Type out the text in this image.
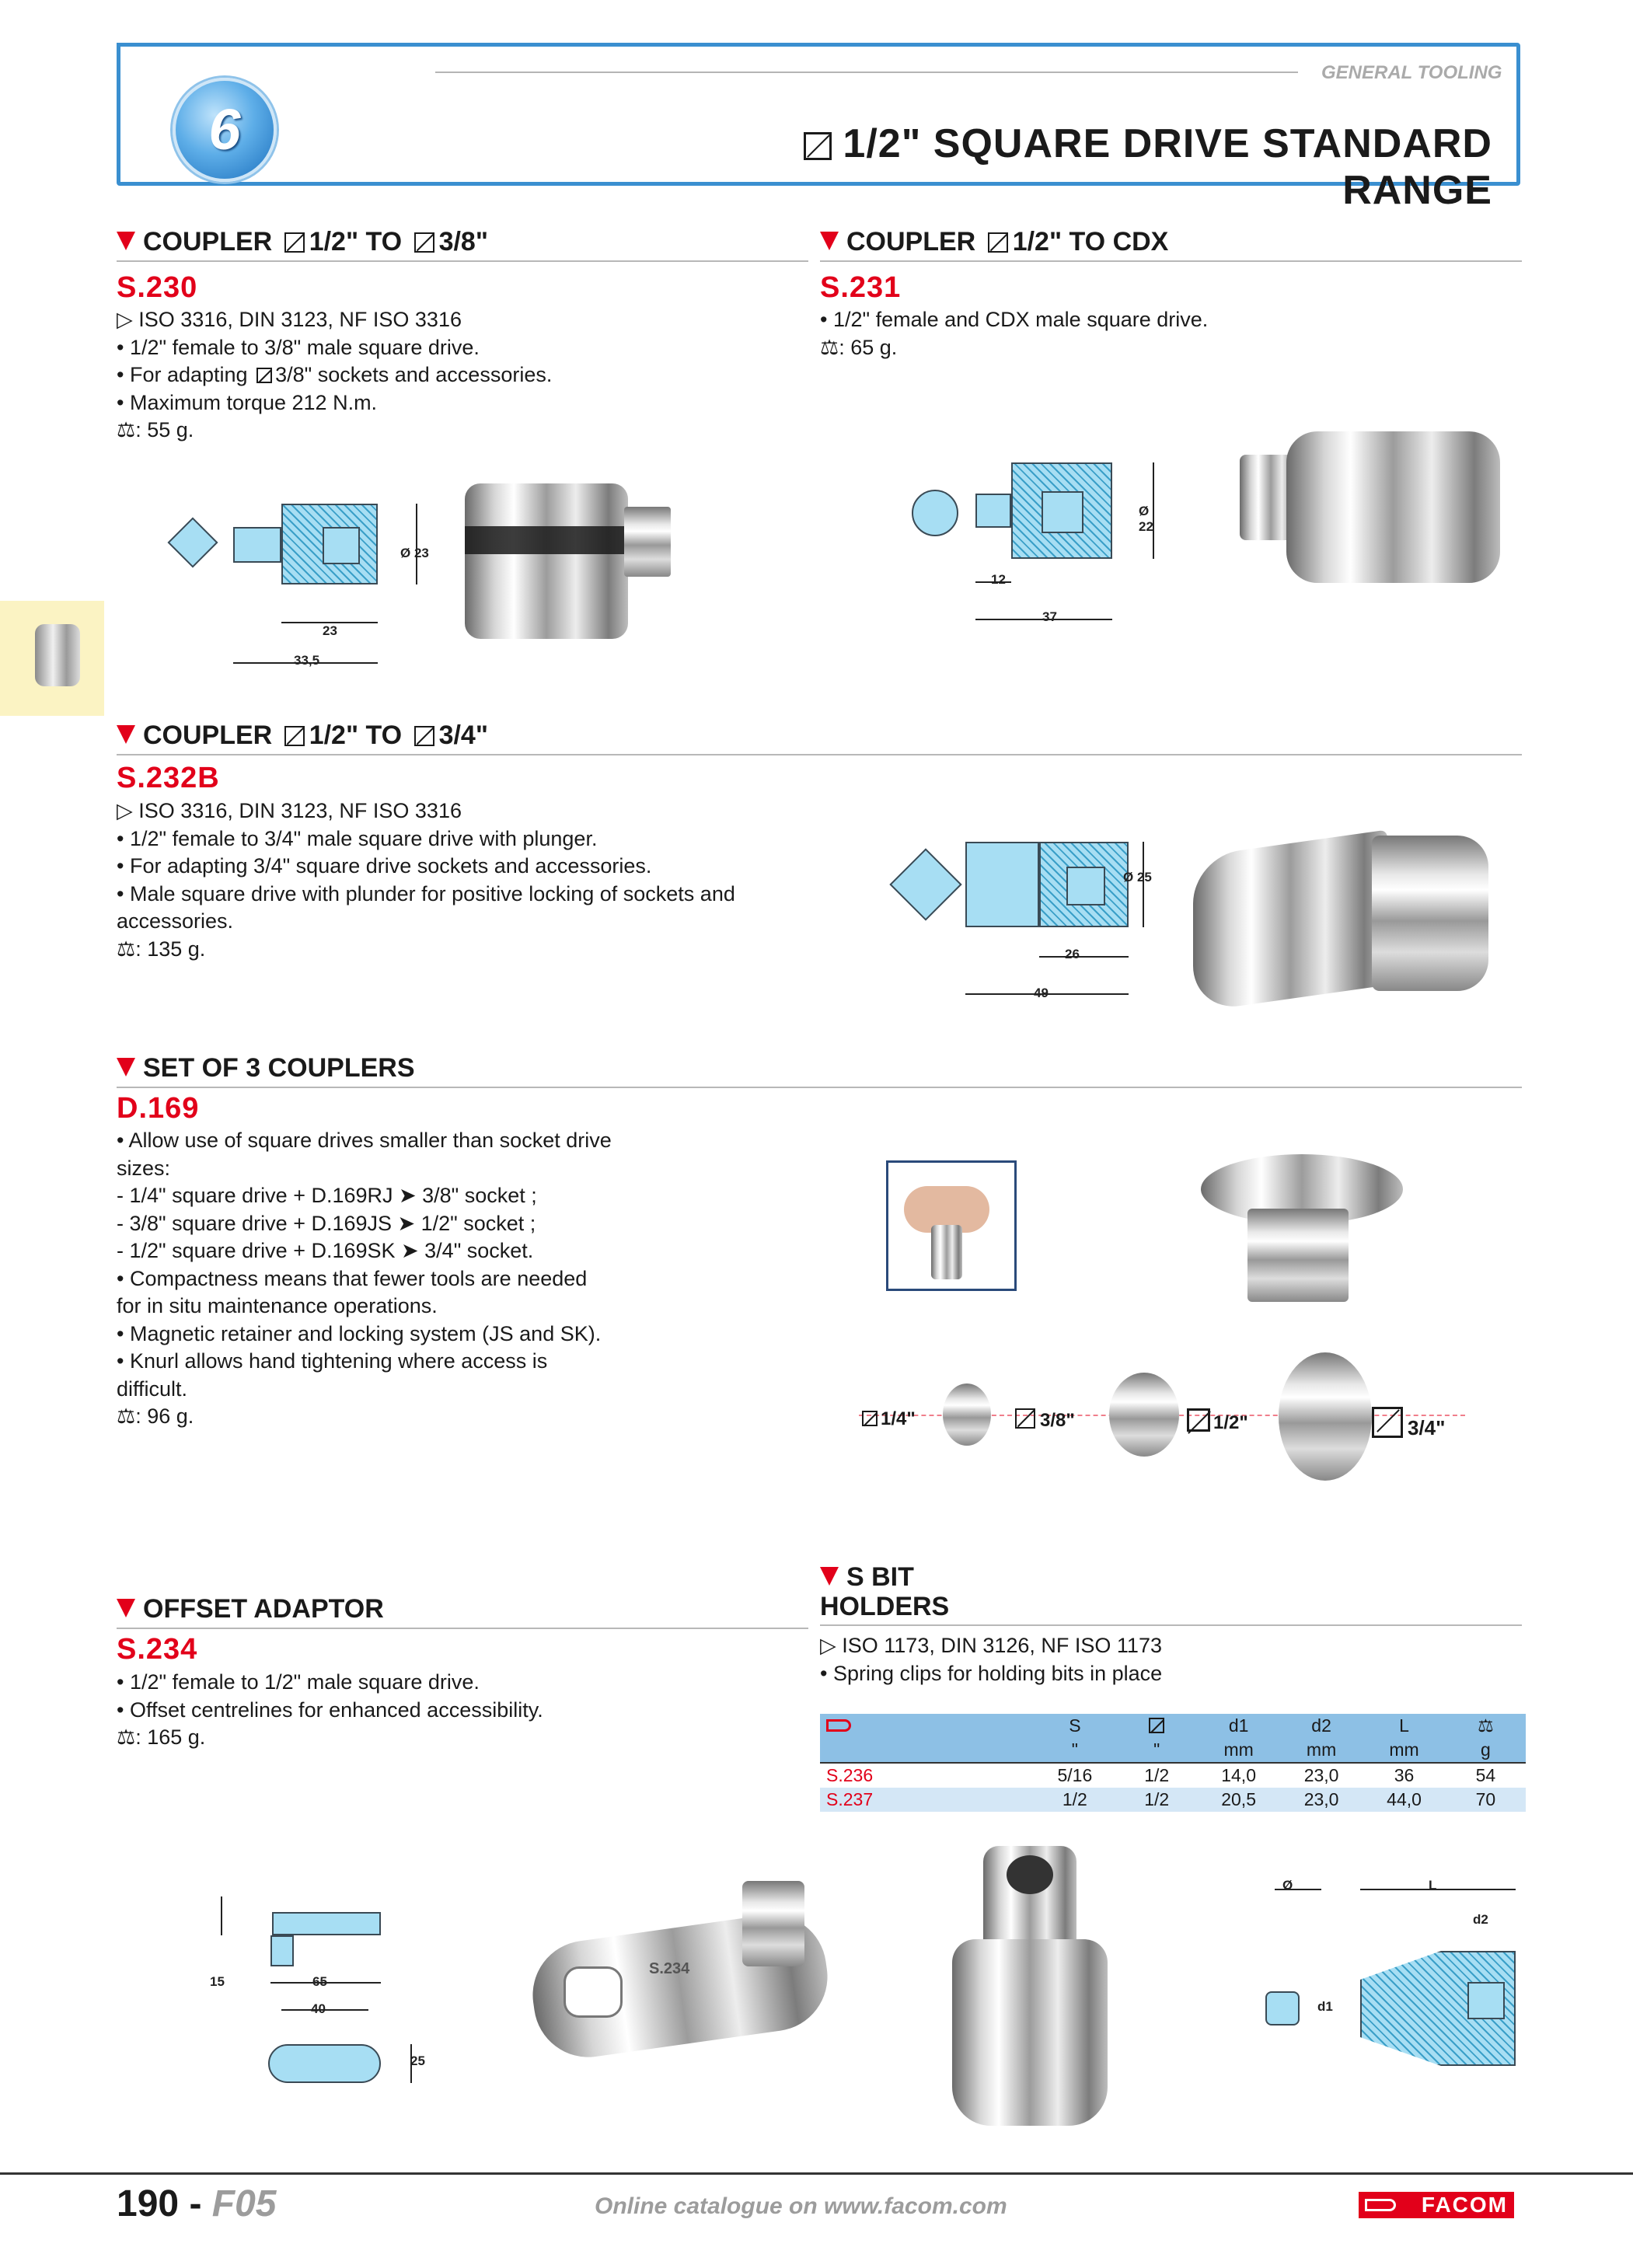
GENERAL TOOLING
6	1/2" SQUARE DRIVE STANDARD RANGE
COUPLER 1/2" TO 3/8"
S.230

▷ ISO 3316, DIN 3123, NF ISO 3316

• 1/2" female to 3/8" male square drive.

• For adapting 3/8" sockets and accessories.

• Maximum torque 212 N.m.

⚖: 55 g.

Ø 23
23
33,5
COUPLER 1/2" TO CDX
S.231

• 1/2" female and CDX male square drive.

⚖: 65 g.

Ø 22
12
37
COUPLER 1/2" TO 3/4"
S.232B

▷ ISO 3316, DIN 3123, NF ISO 3316

• 1/2" female to 3/4" male square drive with plunger.

• For adapting 3/4" square drive sockets and accessories.

• Male square drive with plunder for positive locking of sockets and

accessories.

⚖: 135 g.

Ø 25
26
49
SET OF 3 COUPLERS
D.169

• Allow use of square drives smaller than socket drive

sizes:

- 1/4" square drive + D.169RJ ➤ 3/8" socket ;

- 3/8" square drive + D.169JS ➤ 1/2" socket ;

- 1/2" square drive + D.169SK ➤ 3/4" socket.

• Compactness means that fewer tools are needed

for in situ maintenance operations.

• Magnetic retainer and locking system (JS and SK).

• Knurl allows hand tightening where access is

difficult.

⚖: 96 g.	1/4"	3/8"	1/2"	3/4"
OFFSET ADAPTOR
S.234

• 1/2" female to 1/2" male square drive.

• Offset centrelines for enhanced accessibility.

⚖: 165 g.

15	65
40
25
S.234
S BIT
HOLDERS

▷ ISO 1173, DIN 3126, NF ISO 1173

• Spring clips for holding bits in place

	S		d1	d2	L	⚖
	"	"	mm	mm	mm	g
S.236	5/16	1/2	14,0	23,0	36	54
S.237	1/2	1/2	20,5	23,0	44,0	70
Ø	L
d2
d1
190 - F05	Online catalogue on www.facom.com	FACOM
